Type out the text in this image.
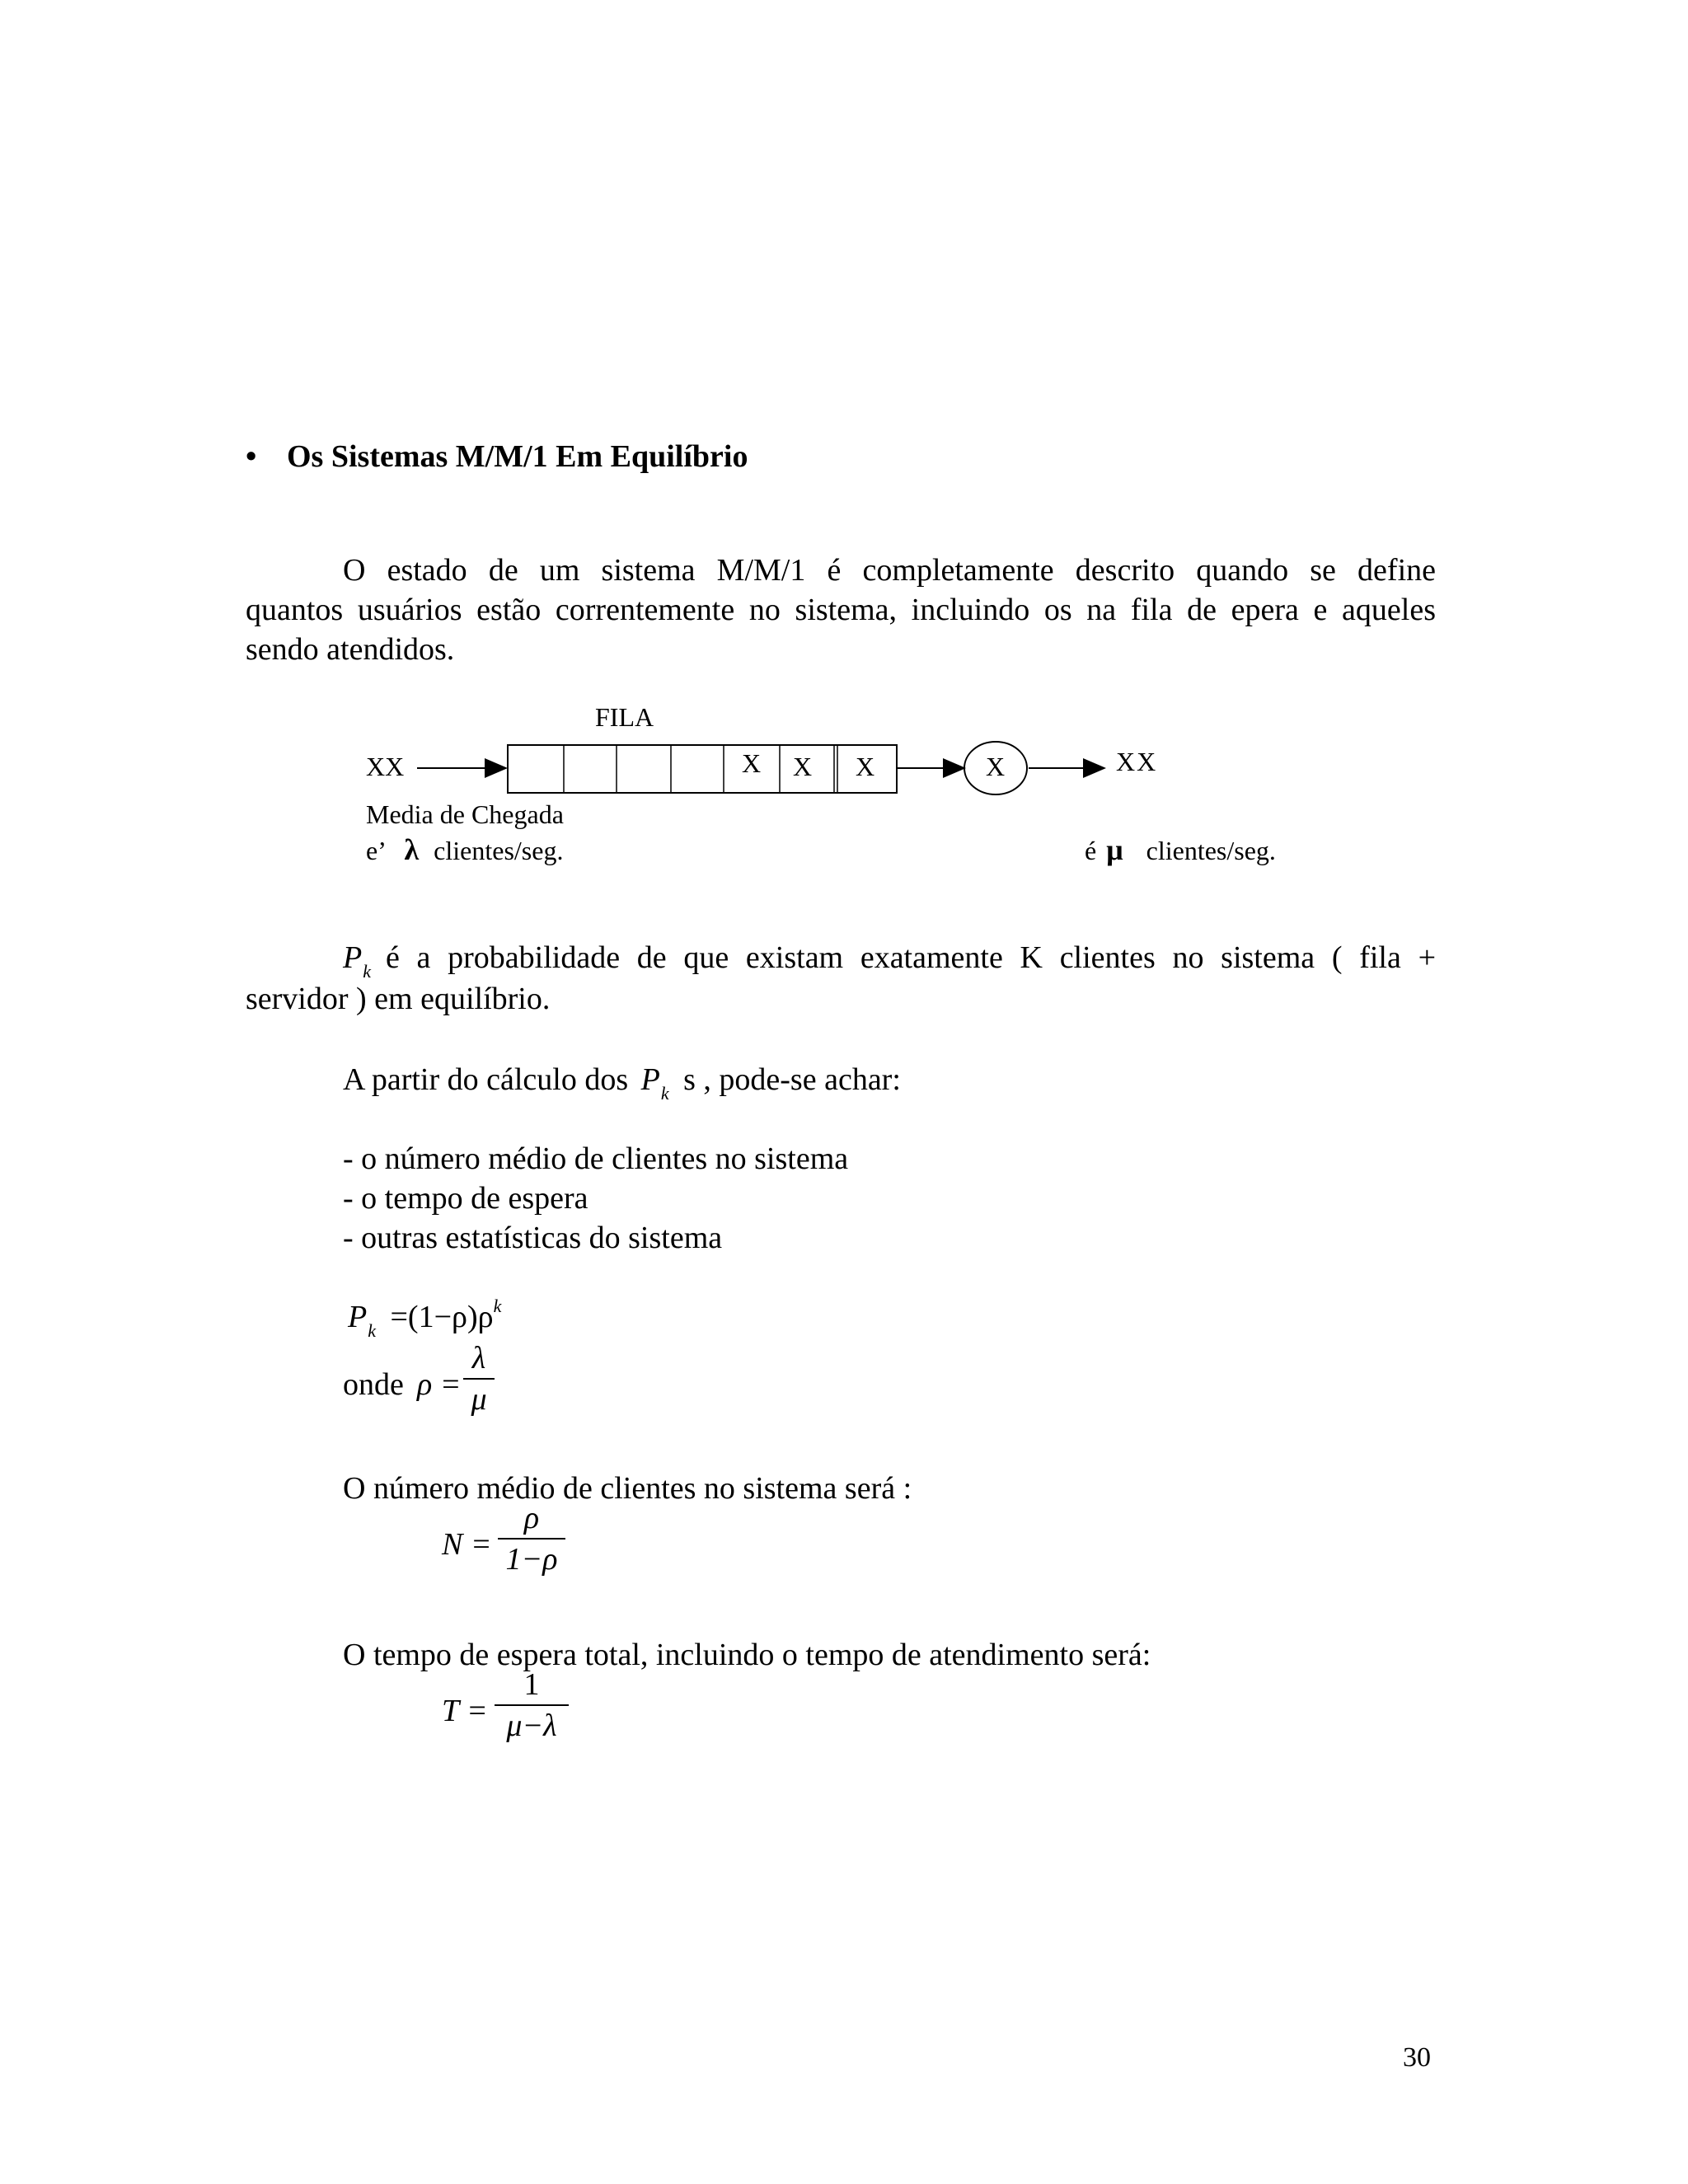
• Os Sistemas M/M/1 Em Equilíbrio
O estado de um sistema M/M/1 é completamente descrito quando se define
quantos usuários estão correntemente no sistema, incluindo os na fila de epera e aqueles
sendo atendidos.
FILA
XX	X X X	X	XX
Media de Chegada
e’ λ clientes/seg.	é μ clientes/seg.
P k é a probabilidade de que existam exatamente K clientes no sistema ( fila +
servidor ) em equilíbrio.
A partir do cálculo dos $P_k$ s , pode-se achar:
- o número médio de clientes no sistema
- o tempo de espera
- outras estatísticas do sistema
$P_k =(1-\rho)\rho^k$
onde ρ =
λ
μ
O número médio de clientes no sistema será :
N =
ρ
1−ρ
O tempo de espera total, incluindo o tempo de atendimento será:
T =
1
μ−λ
30
